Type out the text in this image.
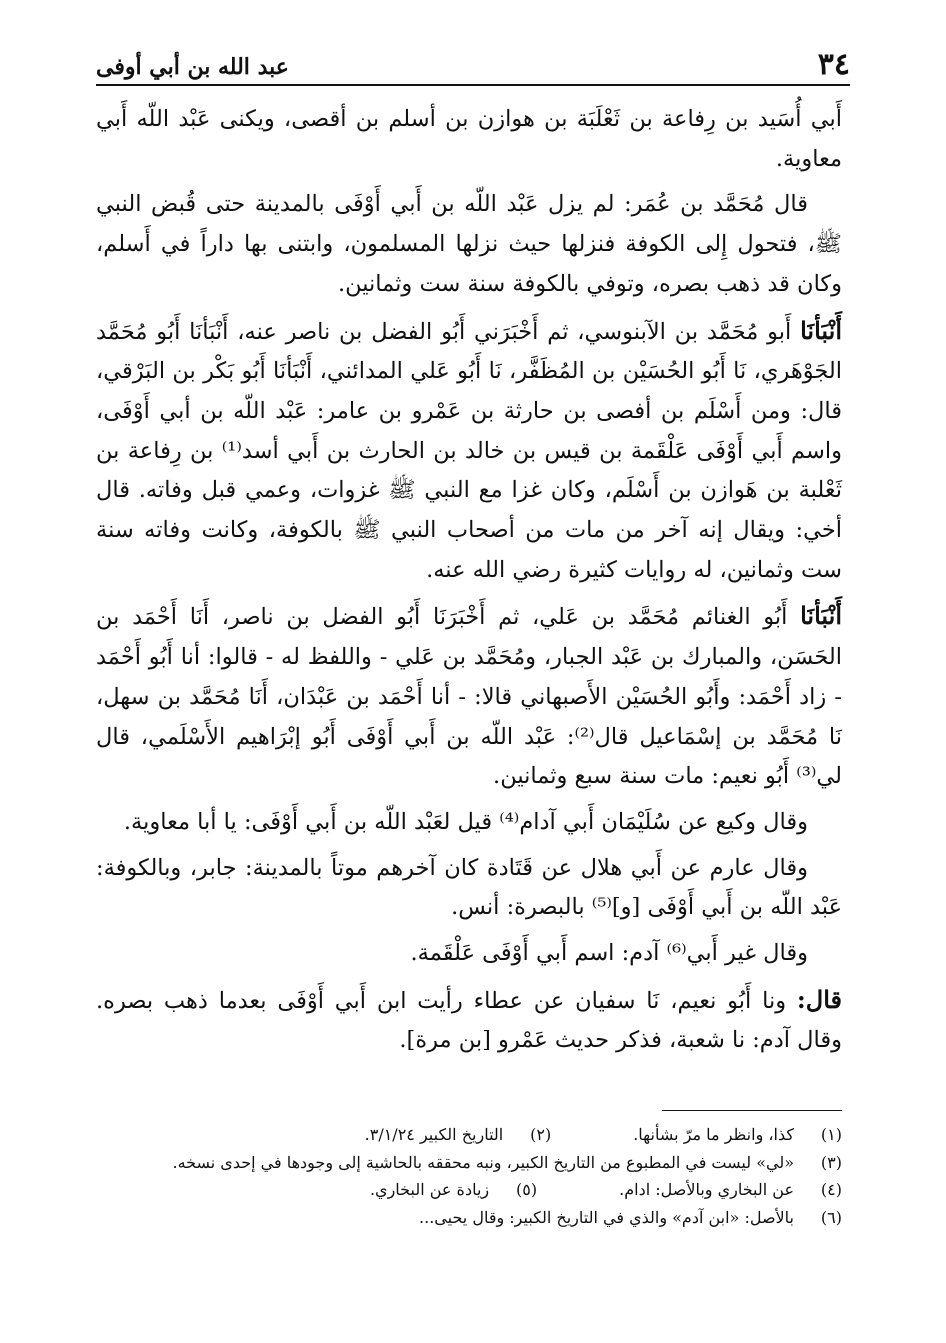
عبد الله بن أبي أوفى	٣٤

أَبي أُسَيد بن رِفاعة بن ثَعْلَبَة بن هوازن بن أسلم بن أقصى، ويكنى عَبْد اللّه أَبي معاوية.

قال مُحَمَّد بن عُمَر: لم يزل عَبْد اللّه بن أَبي أَوْفَى بالمدينة حتى قُبض النبي ﷺ، فتحول إِلى الكوفة فنزلها حيث نزلها المسلمون، وابتنى بها داراً في أَسلم، وكان قد ذهب بصره، وتوفي بالكوفة سنة ست وثمانين.

أَنْبَأنَا أَبو مُحَمَّد بن الآبنوسي، ثم أَخْبَرَني أَبُو الفضل بن ناصر عنه، أَنْبَأنَا أَبُو مُحَمَّد الجَوْهَري، نَا أَبُو الحُسَيْن بن المُظَفَّر، نَا أَبُو عَلي المدائني، أَنْبَأنَا أَبُو بَكْر بن البَرْقي، قال: ومن أَسْلَم بن أفصى بن حارثة بن عَمْرو بن عامر: عَبْد اللّه بن أبي أَوْفَى، واسم أَبي أَوْفَى عَلْقَمة بن قيس بن خالد بن الحارث بن أَبي أسد⁽¹⁾ بن رِفاعة بن ثَعْلبة بن هَوازن بن أَسْلَم، وكان غزا مع النبي ﷺ غزوات، وعمي قبل وفاته. قال أخي: ويقال إنه آخر من مات من أصحاب النبي ﷺ بالكوفة، وكانت وفاته سنة ست وثمانين، له روايات كثيرة رضي الله عنه.

أَنْبَأنَا أَبُو الغنائم مُحَمَّد بن عَلي، ثم أَخْبَرَنَا أَبُو الفضل بن ناصر، أَنَا أَحْمَد بن الحَسَن، والمبارك بن عَبْد الجبار، ومُحَمَّد بن عَلي - واللفظ له - قالوا: أنا أَبُو أَحْمَد - زاد أَحْمَد: وأَبُو الحُسَيْن الأَصبهاني قالا: - أنا أَحْمَد بن عَبْدَان، أَنَا مُحَمَّد بن سهل، نَا مُحَمَّد بن إسْمَاعيل قال⁽²⁾: عَبْد اللّه بن أَبي أَوْفَى أَبُو إبْرَاهيم الأَسْلَمي، قال لي⁽³⁾ أَبُو نعيم: مات سنة سبع وثمانين.

وقال وكيع عن سُلَيْمَان أَبي آدام⁽⁴⁾ قيل لعَبْد اللّه بن أَبي أَوْفَى: يا أبا معاوية.

وقال عارم عن أَبي هلال عن قَتَادة كان آخرهم موتاً بالمدينة: جابر، وبالكوفة: عَبْد اللّه بن أَبي أَوْفَى [و]⁽⁵⁾ بالبصرة: أنس.

وقال غير أَبي⁽⁶⁾ آدم: اسم أَبي أَوْفَى عَلْقَمة.

قال: ونا أَبُو نعيم، نَا سفيان عن عطاء رأيت ابن أَبي أَوْفَى بعدما ذهب بصره. وقال آدم: نا شعبة، فذكر حديث عَمْرو [بن مرة].

(١)
كذا، وانظر ما مرّ بشأنها.
(٢)
التاريخ الكبير ٣/١/٢٤.
(٣)
«لي» ليست في المطبوع من التاريخ الكبير، ونبه محققه بالحاشية إلى وجودها في إحدى نسخه.
(٤)
عن البخاري وبالأصل: ادام.
(٥)
زيادة عن البخاري.
(٦)
بالأصل: «ابن آدم» والذي في التاريخ الكبير: وقال يحيى...
